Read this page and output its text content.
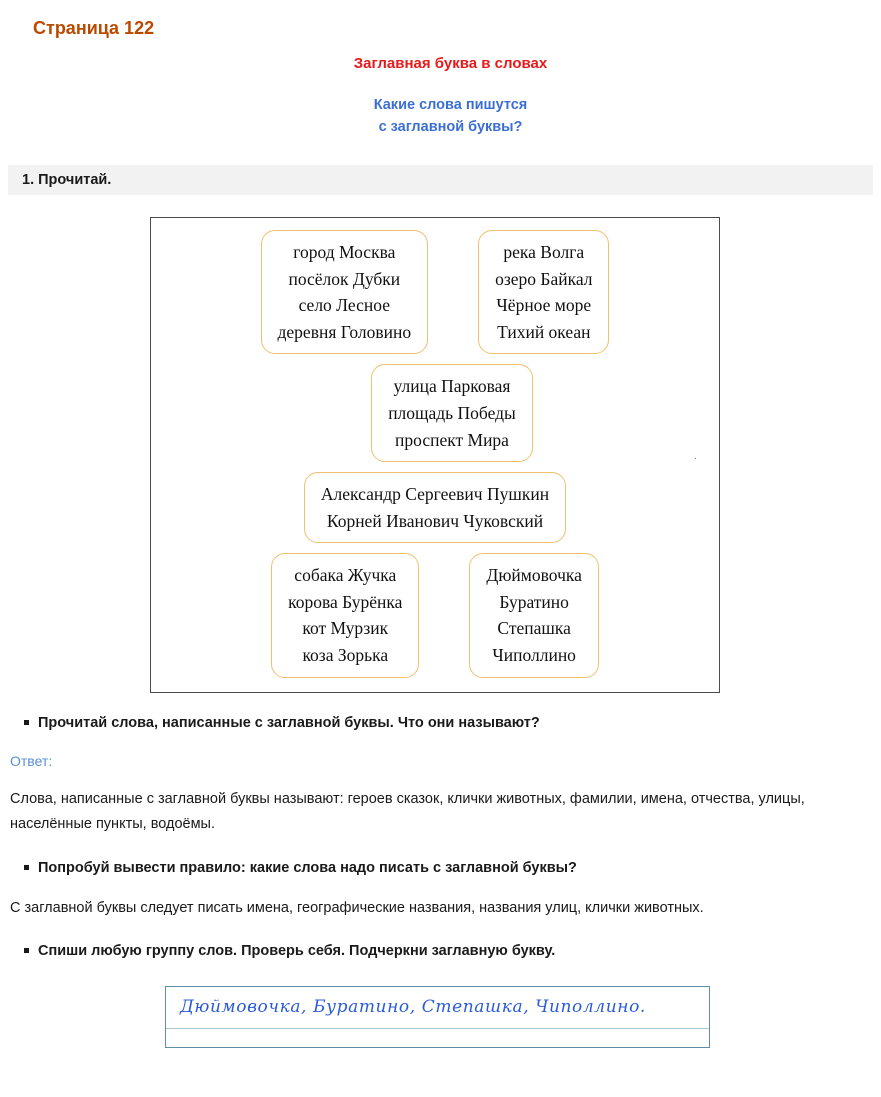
Страница 122
Заглавная буква в словах
Какие слова пишутся
с заглавной буквы?
1. Прочитай.
город Москва
посёлок Дубки
село Лесное
деревня Головино
река Волга
озеро Байкал
Чёрное море
Тихий океан
улица Парковая
площадь Победы
проспект Мира
Александр Сергеевич Пушкин
Корней Иванович Чуковский
собака Жучка
корова Бурёнка
кот Мурзик
коза Зорька
Дюймовочка
Буратино
Степашка
Чиполлино
.
Прочитай слова, написанные с заглавной буквы. Что они называют?
Ответ:
Слова, написанные с заглавной буквы называют: героев сказок, клички животных, фамилии, имена, отчества, улицы, населённые пункты, водоёмы.
Попробуй вывести правило: какие слова надо писать с заглавной буквы?
С заглавной буквы следует писать имена, географические названия, названия улиц, клички животных.
Спиши любую группу слов. Проверь себя. Подчеркни заглавную букву.
Дюймовочка, Буратино, Степашка, Чиполлино.
